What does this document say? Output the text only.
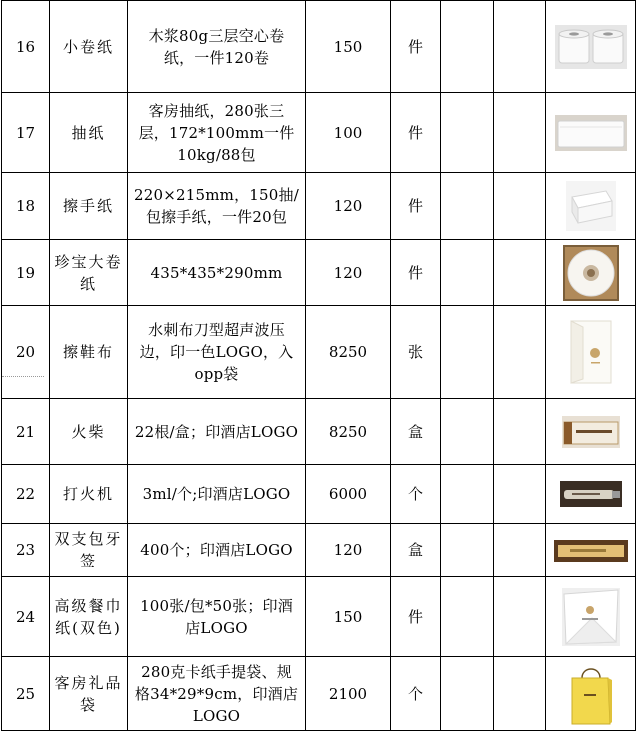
16	小卷纸	木浆80g三层空心卷纸，一件120卷	150	件			
17	抽纸	客房抽纸，280张三层，172*100mm一件10kg/88包	100	件			
18	擦手纸	220×215mm，150抽/包擦手纸，一件20包	120	件			
19	珍宝大卷纸	435*435*290mm	120	件			
20	擦鞋布	水刺布刀型超声波压边，印一色LOGO，入opp袋	8250	张			
21	火柴	22根/盒；印酒店LOGO	8250	盒			
22	打火机	3ml/个;印酒店LOGO	6000	个			
23	双支包牙签	400个；印酒店LOGO	120	盒			
24	高级餐巾纸(双色)	100张/包*50张；印酒店LOGO	150	件			
25	客房礼品袋	280克卡纸手提袋、规格34*29*9cm，印酒店LOGO	2100	个			
